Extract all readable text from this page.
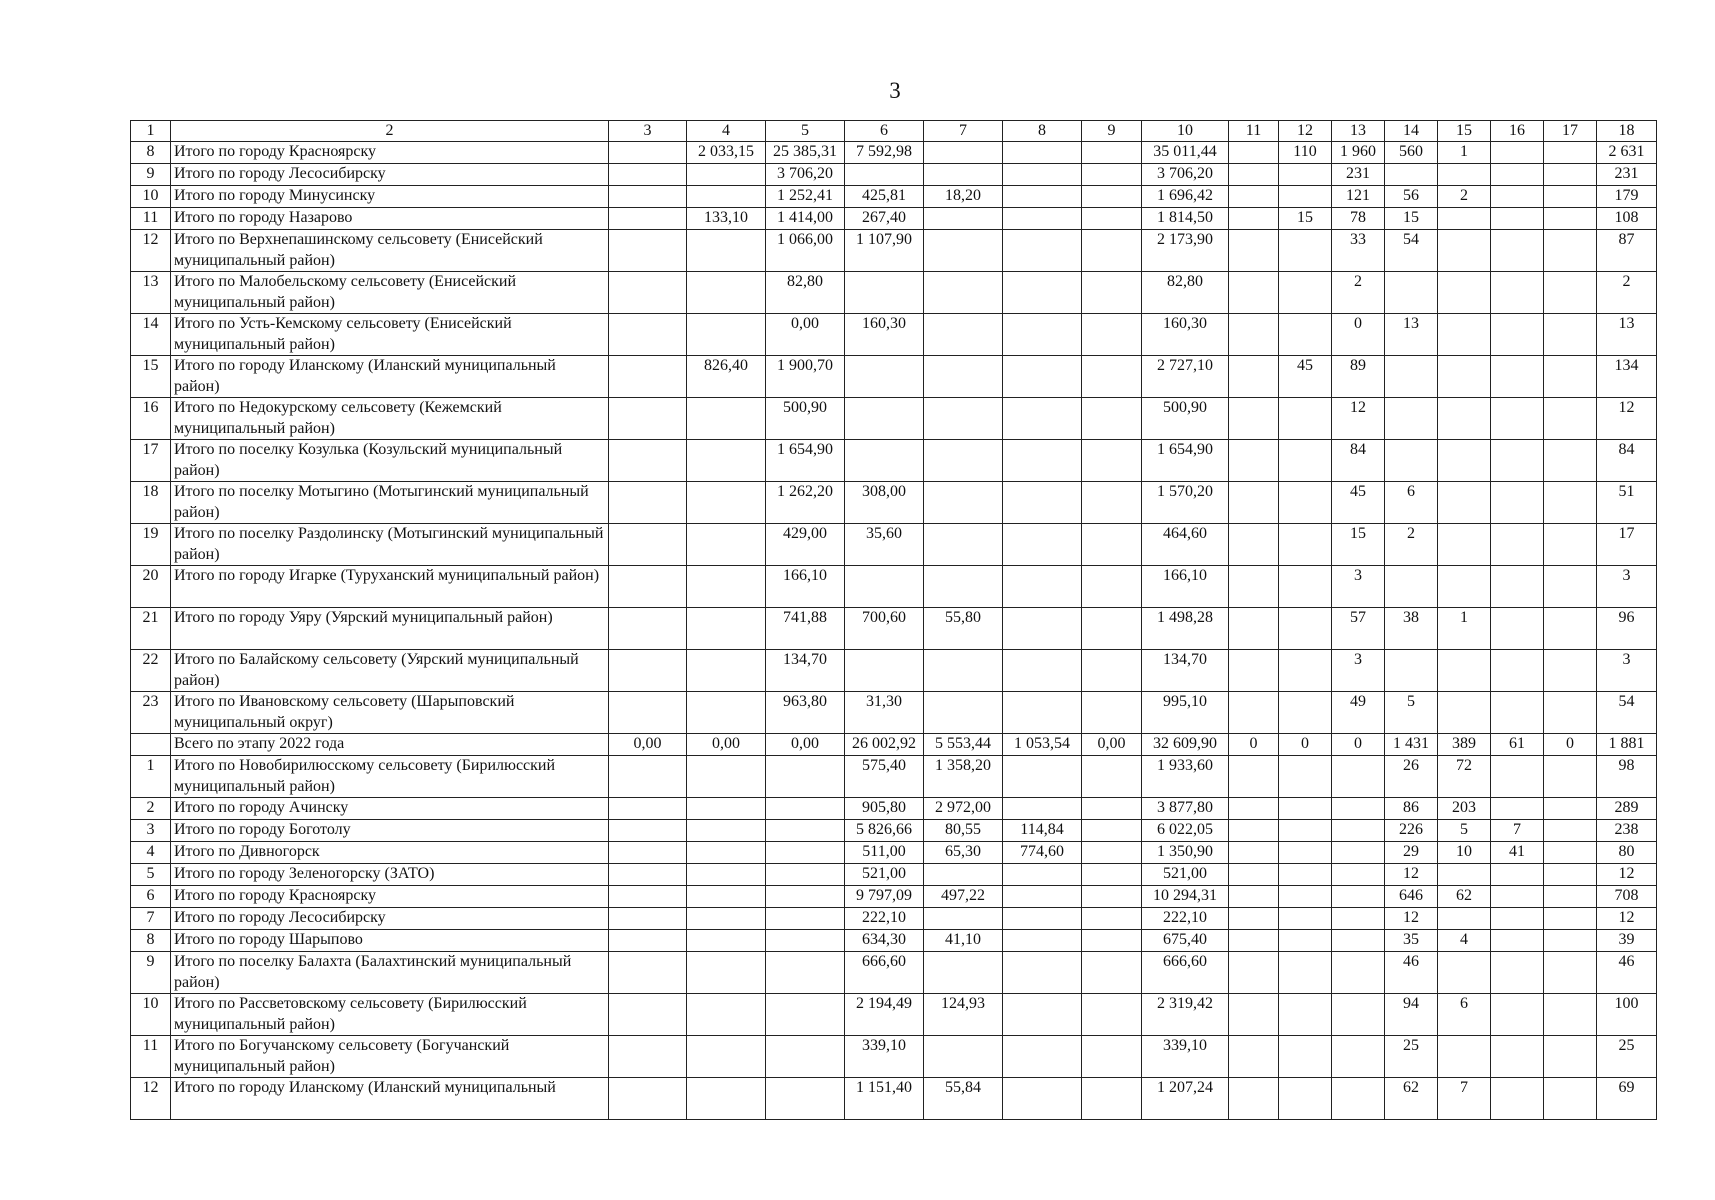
3
1	2	3	4	5	6	7	8	9	10	11	12	13	14	15	16	17	18
8	Итого по городу Красноярску		2 033,15	25 385,31	7 592,98				35 011,44		110	1 960	560	1			2 631
9	Итого по городу Лесосибирску			3 706,20					3 706,20			231					231
10	Итого по городу Минусинску			1 252,41	425,81	18,20			1 696,42			121	56	2			179
11	Итого по городу Назарово		133,10	1 414,00	267,40				1 814,50		15	78	15				108
12	Итого по Верхнепашинскому сельсовету (Енисейский муниципальный район)			1 066,00	1 107,90				2 173,90			33	54				87
13	Итого по Малобельскому сельсовету (Енисейский муниципальный район)			82,80					82,80			2					2
14	Итого по Усть-Кемскому сельсовету (Енисейский муниципальный район)			0,00	160,30				160,30			0	13				13
15	Итого по городу Иланскому (Иланский муниципальный район)		826,40	1 900,70					2 727,10		45	89					134
16	Итого по Недокурскому сельсовету (Кежемский муниципальный район)			500,90					500,90			12					12
17	Итого по поселку Козулька (Козульский муниципальный район)			1 654,90					1 654,90			84					84
18	Итого по поселку Мотыгино (Мотыгинский муниципальный район)			1 262,20	308,00				1 570,20			45	6				51
19	Итого по поселку Раздолинску (Мотыгинский муниципальный район)			429,00	35,60				464,60			15	2				17
20	Итого по городу Игарке (Туруханский муниципальный район)			166,10					166,10			3					3
21	Итого по городу Уяру (Уярский муниципальный район)			741,88	700,60	55,80			1 498,28			57	38	1			96
22	Итого по Балайскому сельсовету (Уярский муниципальный район)			134,70					134,70			3					3
23	Итого по Ивановскому сельсовету (Шарыповский муниципальный округ)			963,80	31,30				995,10			49	5				54
	Всего по этапу 2022 года	0,00	0,00	0,00	26 002,92	5 553,44	1 053,54	0,00	32 609,90	0	0	0	1 431	389	61	0	1 881
1	Итого по Новобирилюсскому сельсовету (Бирилюсский муниципальный район)				575,40	1 358,20			1 933,60				26	72			98
2	Итого по городу Ачинску				905,80	2 972,00			3 877,80				86	203			289
3	Итого по городу Боготолу				5 826,66	80,55	114,84		6 022,05				226	5	7		238
4	Итого по Дивногорск				511,00	65,30	774,60		1 350,90				29	10	41		80
5	Итого по городу Зеленогорску (ЗАТО)				521,00				521,00				12				12
6	Итого по городу Красноярску				9 797,09	497,22			10 294,31				646	62			708
7	Итого по городу Лесосибирску				222,10				222,10				12				12
8	Итого по городу Шарыпово				634,30	41,10			675,40				35	4			39
9	Итого по поселку Балахта (Балахтинский муниципальный район)				666,60				666,60				46				46
10	Итого по Рассветовскому сельсовету (Бирилюсский муниципальный район)				2 194,49	124,93			2 319,42				94	6			100
11	Итого по Богучанскому сельсовету (Богучанский муниципальный район)				339,10				339,10				25				25
12	Итого по городу Иланскому (Иланский муниципальный				1 151,40	55,84			1 207,24				62	7			69
